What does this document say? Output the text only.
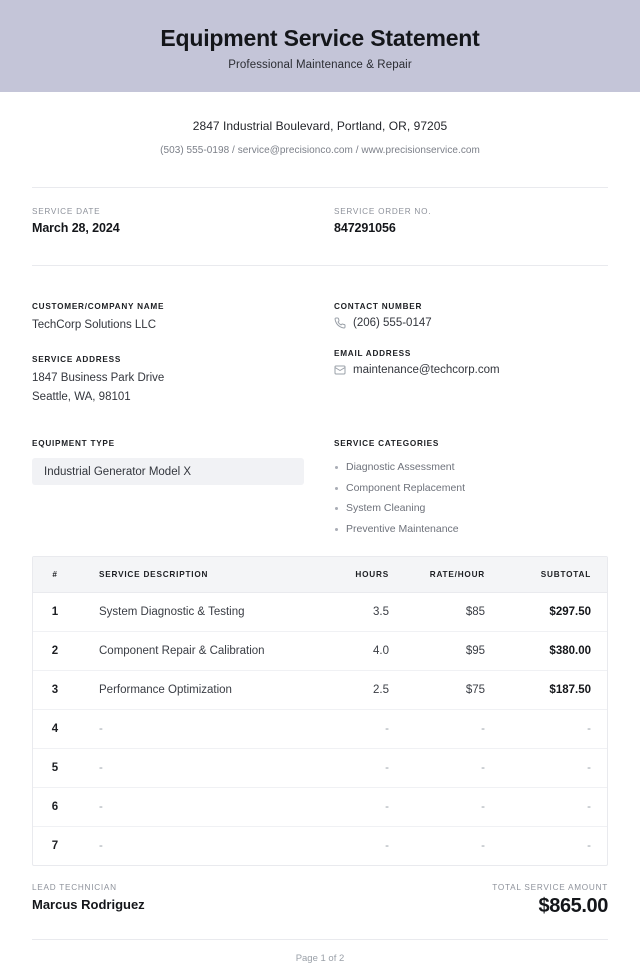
Equipment Service Statement
Professional Maintenance & Repair
2847 Industrial Boulevard, Portland, OR, 97205
(503) 555-0198 / service@precisionco.com / www.precisionservice.com
SERVICE DATE
March 28, 2024
SERVICE ORDER NO.
847291056
CUSTOMER/COMPANY NAME
TechCorp Solutions LLC
SERVICE ADDRESS
1847 Business Park Drive
Seattle, WA, 98101
CONTACT NUMBER
(206) 555-0147
EMAIL ADDRESS
maintenance@techcorp.com
EQUIPMENT TYPE
Industrial Generator Model X
SERVICE CATEGORIES
Diagnostic Assessment
Component Replacement
System Cleaning
Preventive Maintenance
#	SERVICE DESCRIPTION	HOURS	RATE/HOUR	SUBTOTAL
1	System Diagnostic & Testing	3.5	$85	$297.50
2	Component Repair & Calibration	4.0	$95	$380.00
3	Performance Optimization	2.5	$75	$187.50
4	-	-	-	-
5	-	-	-	-
6	-	-	-	-
7	-	-	-	-
LEAD TECHNICIAN
Marcus Rodriguez
TOTAL SERVICE AMOUNT
$865.00
Page 1 of 2
